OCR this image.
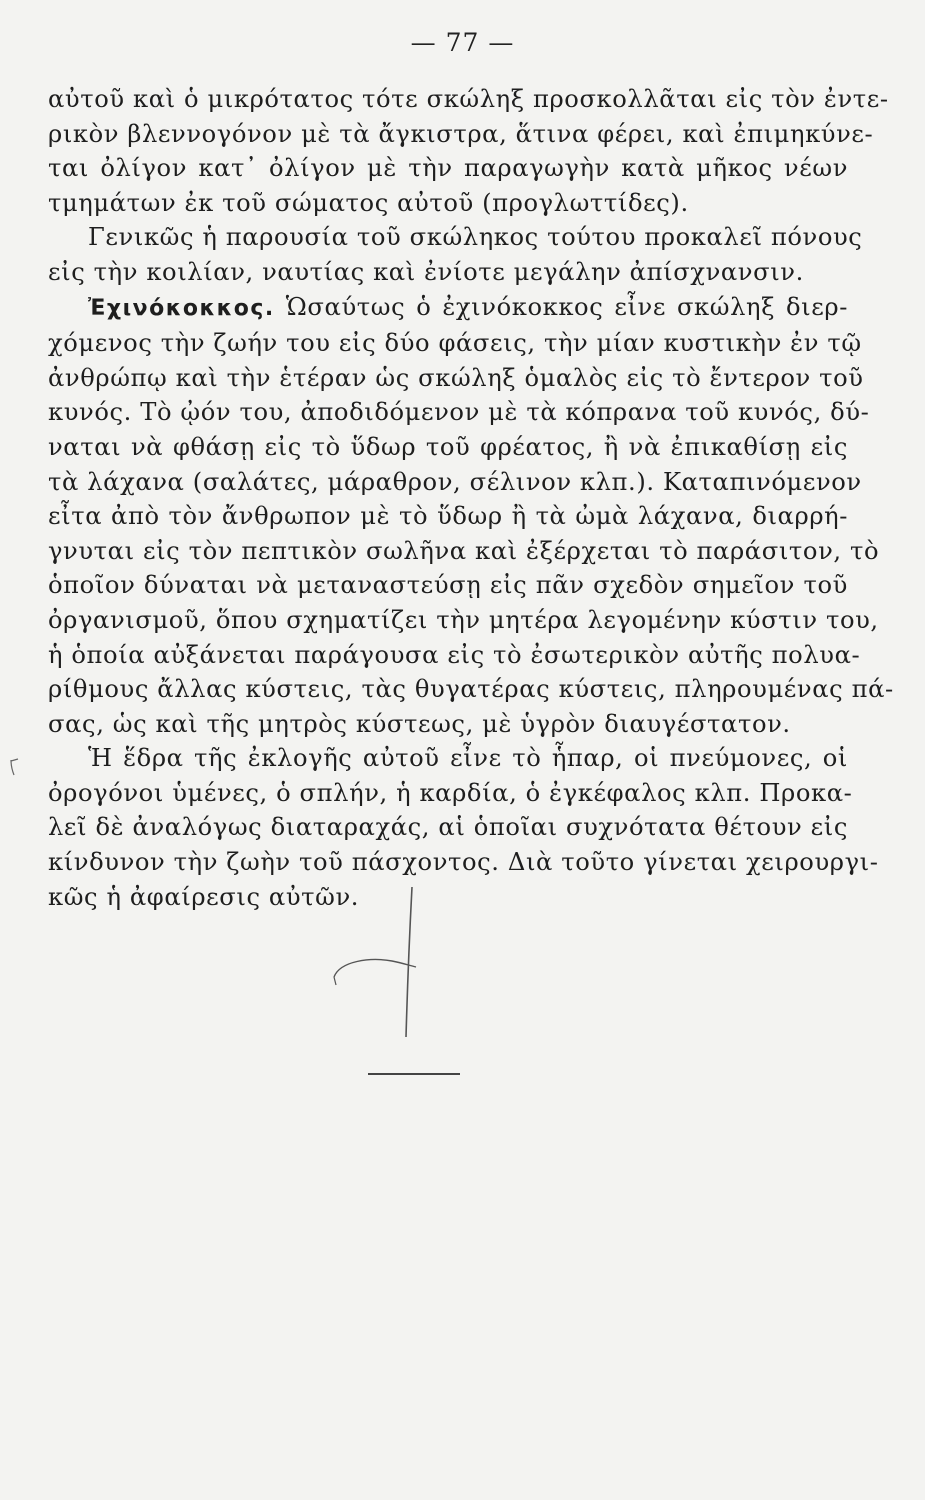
— 77 —
αὐτοῦ καὶ ὁ μικρότατος τότε σκώληξ προσκολλᾶται εἰς τὸν ἐντε-
ρικὸν βλεννογόνον μὲ τὰ ἄγκιστρα, ἅτινα φέρει, καὶ ἐπιμηκύνε-
ται ὀλίγον κατ᾿ ὀλίγον μὲ τὴν παραγωγὴν κατὰ μῆκος νέων
τμημάτων ἐκ τοῦ σώματος αὐτοῦ (προγλωττίδες).
Γενικῶς ἡ παρουσία τοῦ σκώληκος τούτου προκαλεῖ πόνους
εἰς τὴν κοιλίαν, ναυτίας καὶ ἐνίοτε μεγάλην ἀπίσχνανσιν.
Ἐχινόκοκκος. Ὡσαύτως ὁ ἐχινόκοκκος εἶνε σκώληξ διερ-
χόμενος τὴν ζωήν του εἰς δύο φάσεις, τὴν μίαν κυστικὴν ἐν τῷ
ἀνθρώπῳ καὶ τὴν ἑτέραν ὡς σκώληξ ὁμαλὸς εἰς τὸ ἔντερον τοῦ
κυνός. Τὸ ᾠόν του, ἀποδιδόμενον μὲ τὰ κόπρανα τοῦ κυνός, δύ-
ναται νὰ φθάσῃ εἰς τὸ ὕδωρ τοῦ φρέατος, ἢ νὰ ἐπικαθίσῃ εἰς
τὰ λάχανα (σαλάτες, μάραθρον, σέλινον κλπ.). Καταπινόμενον
εἶτα ἀπὸ τὸν ἄνθρωπον μὲ τὸ ὕδωρ ἢ τὰ ὠμὰ λάχανα, διαρρή-
γνυται εἰς τὸν πεπτικὸν σωλῆνα καὶ ἐξέρχεται τὸ παράσιτον, τὸ
ὁποῖον δύναται νὰ μεταναστεύσῃ εἰς πᾶν σχεδὸν σημεῖον τοῦ
ὀργανισμοῦ, ὅπου σχηματίζει τὴν μητέρα λεγομένην κύστιν του,
ἡ ὁποία αὐξάνεται παράγουσα εἰς τὸ ἐσωτερικὸν αὐτῆς πολυα-
ρίθμους ἄλλας κύστεις, τὰς θυγατέρας κύστεις, πληρουμένας πά-
σας, ὡς καὶ τῆς μητρὸς κύστεως, μὲ ὑγρὸν διαυγέστατον.
Ἡ ἕδρα τῆς ἐκλογῆς αὐτοῦ εἶνε τὸ ἧπαρ, οἱ πνεύμονες, οἱ
ὀρογόνοι ὑμένες, ὁ σπλήν, ἡ καρδία, ὁ ἐγκέφαλος κλπ. Προκα-
λεῖ δὲ ἀναλόγως διαταραχάς, αἱ ὁποῖαι συχνότατα θέτουν εἰς
κίνδυνον τὴν ζωὴν τοῦ πάσχοντος. Διὰ τοῦτο γίνεται χειρουργι-
κῶς ἡ ἀφαίρεσις αὐτῶν.
